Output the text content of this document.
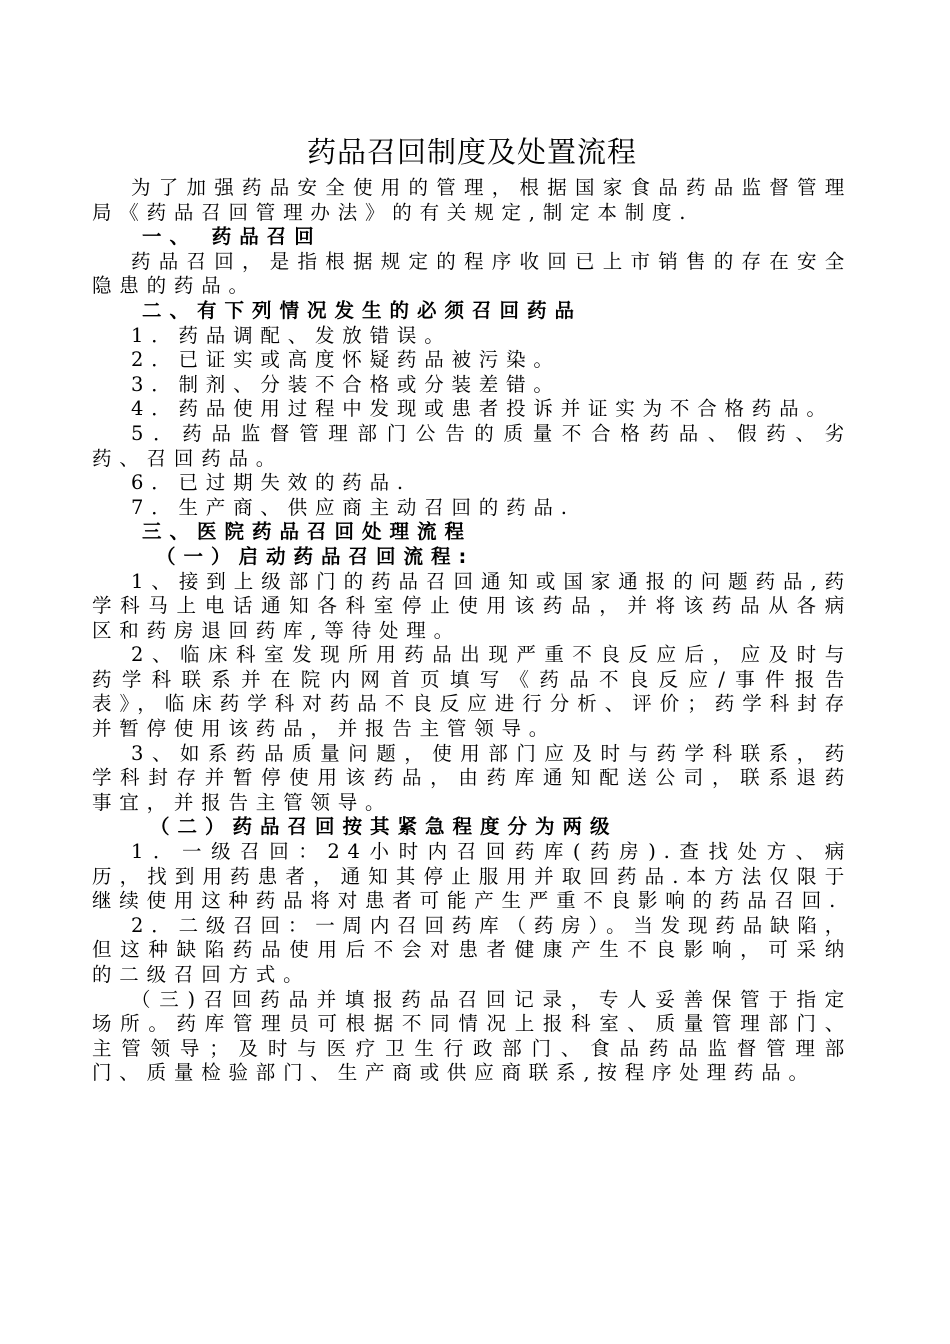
药品召回制度及处置流程

为了加强药品安全使用的管理，根据国家食品药品监督管理局《药品召回管理办法》的有关规定,制定本制度.

一、 药品召回

药品召回，是指根据规定的程序收回已上市销售的存在安全隐患的药品。

二、有下列情况发生的必须召回药品

1．药品调配、发放错误。

2．已证实或高度怀疑药品被污染。

3．制剂、分装不合格或分装差错。

4．药品使用过程中发现或患者投诉并证实为不合格药品。

5．药品监督管理部门公告的质量不合格药品、假药、劣药、召回药品。

6．已过期失效的药品.

7．生产商、供应商主动召回的药品.

三、医院药品召回处理流程
（一）启动药品召回流程:

1、接到上级部门的药品召回通知或国家通报的问题药品,药学科马上电话通知各科室停止使用该药品，并将该药品从各病区和药房退回药库,等待处理。

2、临床科室发现所用药品出现严重不良反应后，应及时与药学科联系并在院内网首页填写《药品不良反应/事件报告表》，临床药学科对药品不良反应进行分析、评价；药学科封存并暂停使用该药品，并报告主管领导。

3、如系药品质量问题，使用部门应及时与药学科联系，药学科封存并暂停使用该药品，由药库通知配送公司，联系退药事宜，并报告主管领导。

（二）药品召回按其紧急程度分为两级

1．一级召回：24小时内召回药库(药房).查找处方、病历，找到用药患者，通知其停止服用并取回药品.本方法仅限于继续使用这种药品将对患者可能产生严重不良影响的药品召回.

2．二级召回：一周内召回药库（药房）。当发现药品缺陷，但这种缺陷药品使用后不会对患者健康产生不良影响，可采纳的二级召回方式。

（三)召回药品并填报药品召回记录，专人妥善保管于指定场所。药库管理员可根据不同情况上报科室、质量管理部门、主管领导；及时与医疗卫生行政部门、食品药品监督管理部门、质量检验部门、生产商或供应商联系,按程序处理药品。
